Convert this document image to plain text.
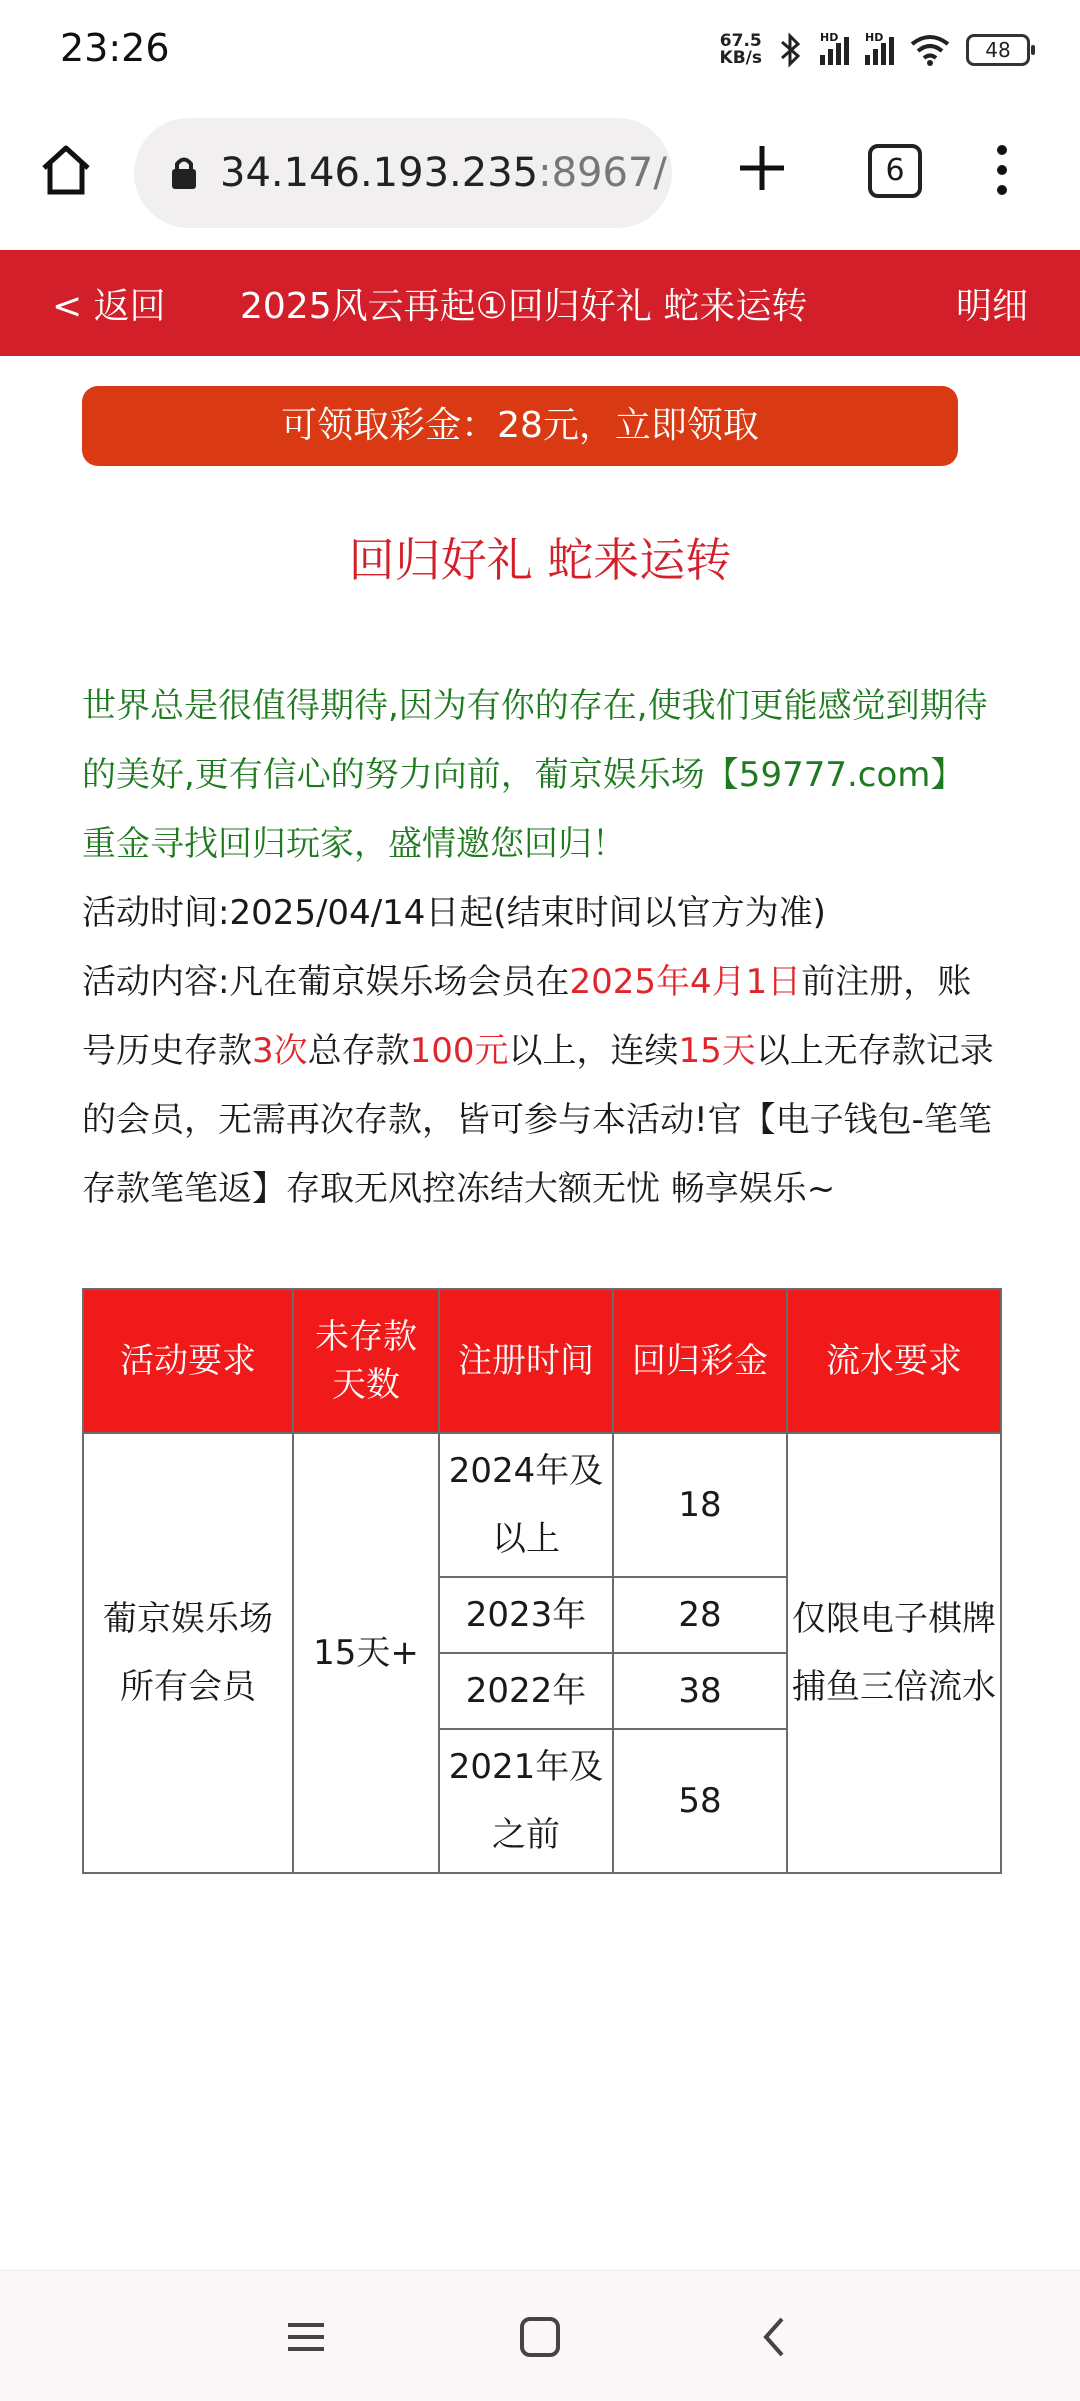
23:26	67.5
KB/s
HD HD
48
34.146.193.235:8967/	6
< 返回 2025风云再起①回归好礼 蛇来运转	明细
可领取彩金：28元，立即领取
回归好礼 蛇来运转
世界总是很值得期待,因为有你的存在,使我们更能感觉到期待的美好,更有信心的努力向前，葡京娱乐场【59777.com】重金寻找回归玩家，盛情邀您回归！
活动时间:2025/04/14日起(结束时间以官方为准)
活动内容:凡在葡京娱乐场会员在2025年4月1日前注册，账号历史存款3次总存款100元以上，连续15天以上无存款记录的会员，无需再次存款，皆可参与本活动!官【电子钱包-笔笔存款笔笔返】存取无风控冻结大额无忧 畅享娱乐~
活动要求	未存款天数	注册时间	回归彩金	流水要求
葡京娱乐场所有会员	15天+	2024年及以上	18	仅限电子棋牌捕鱼三倍流水
		2023年	28	
		2022年	38	
		2021年及之前	58	
